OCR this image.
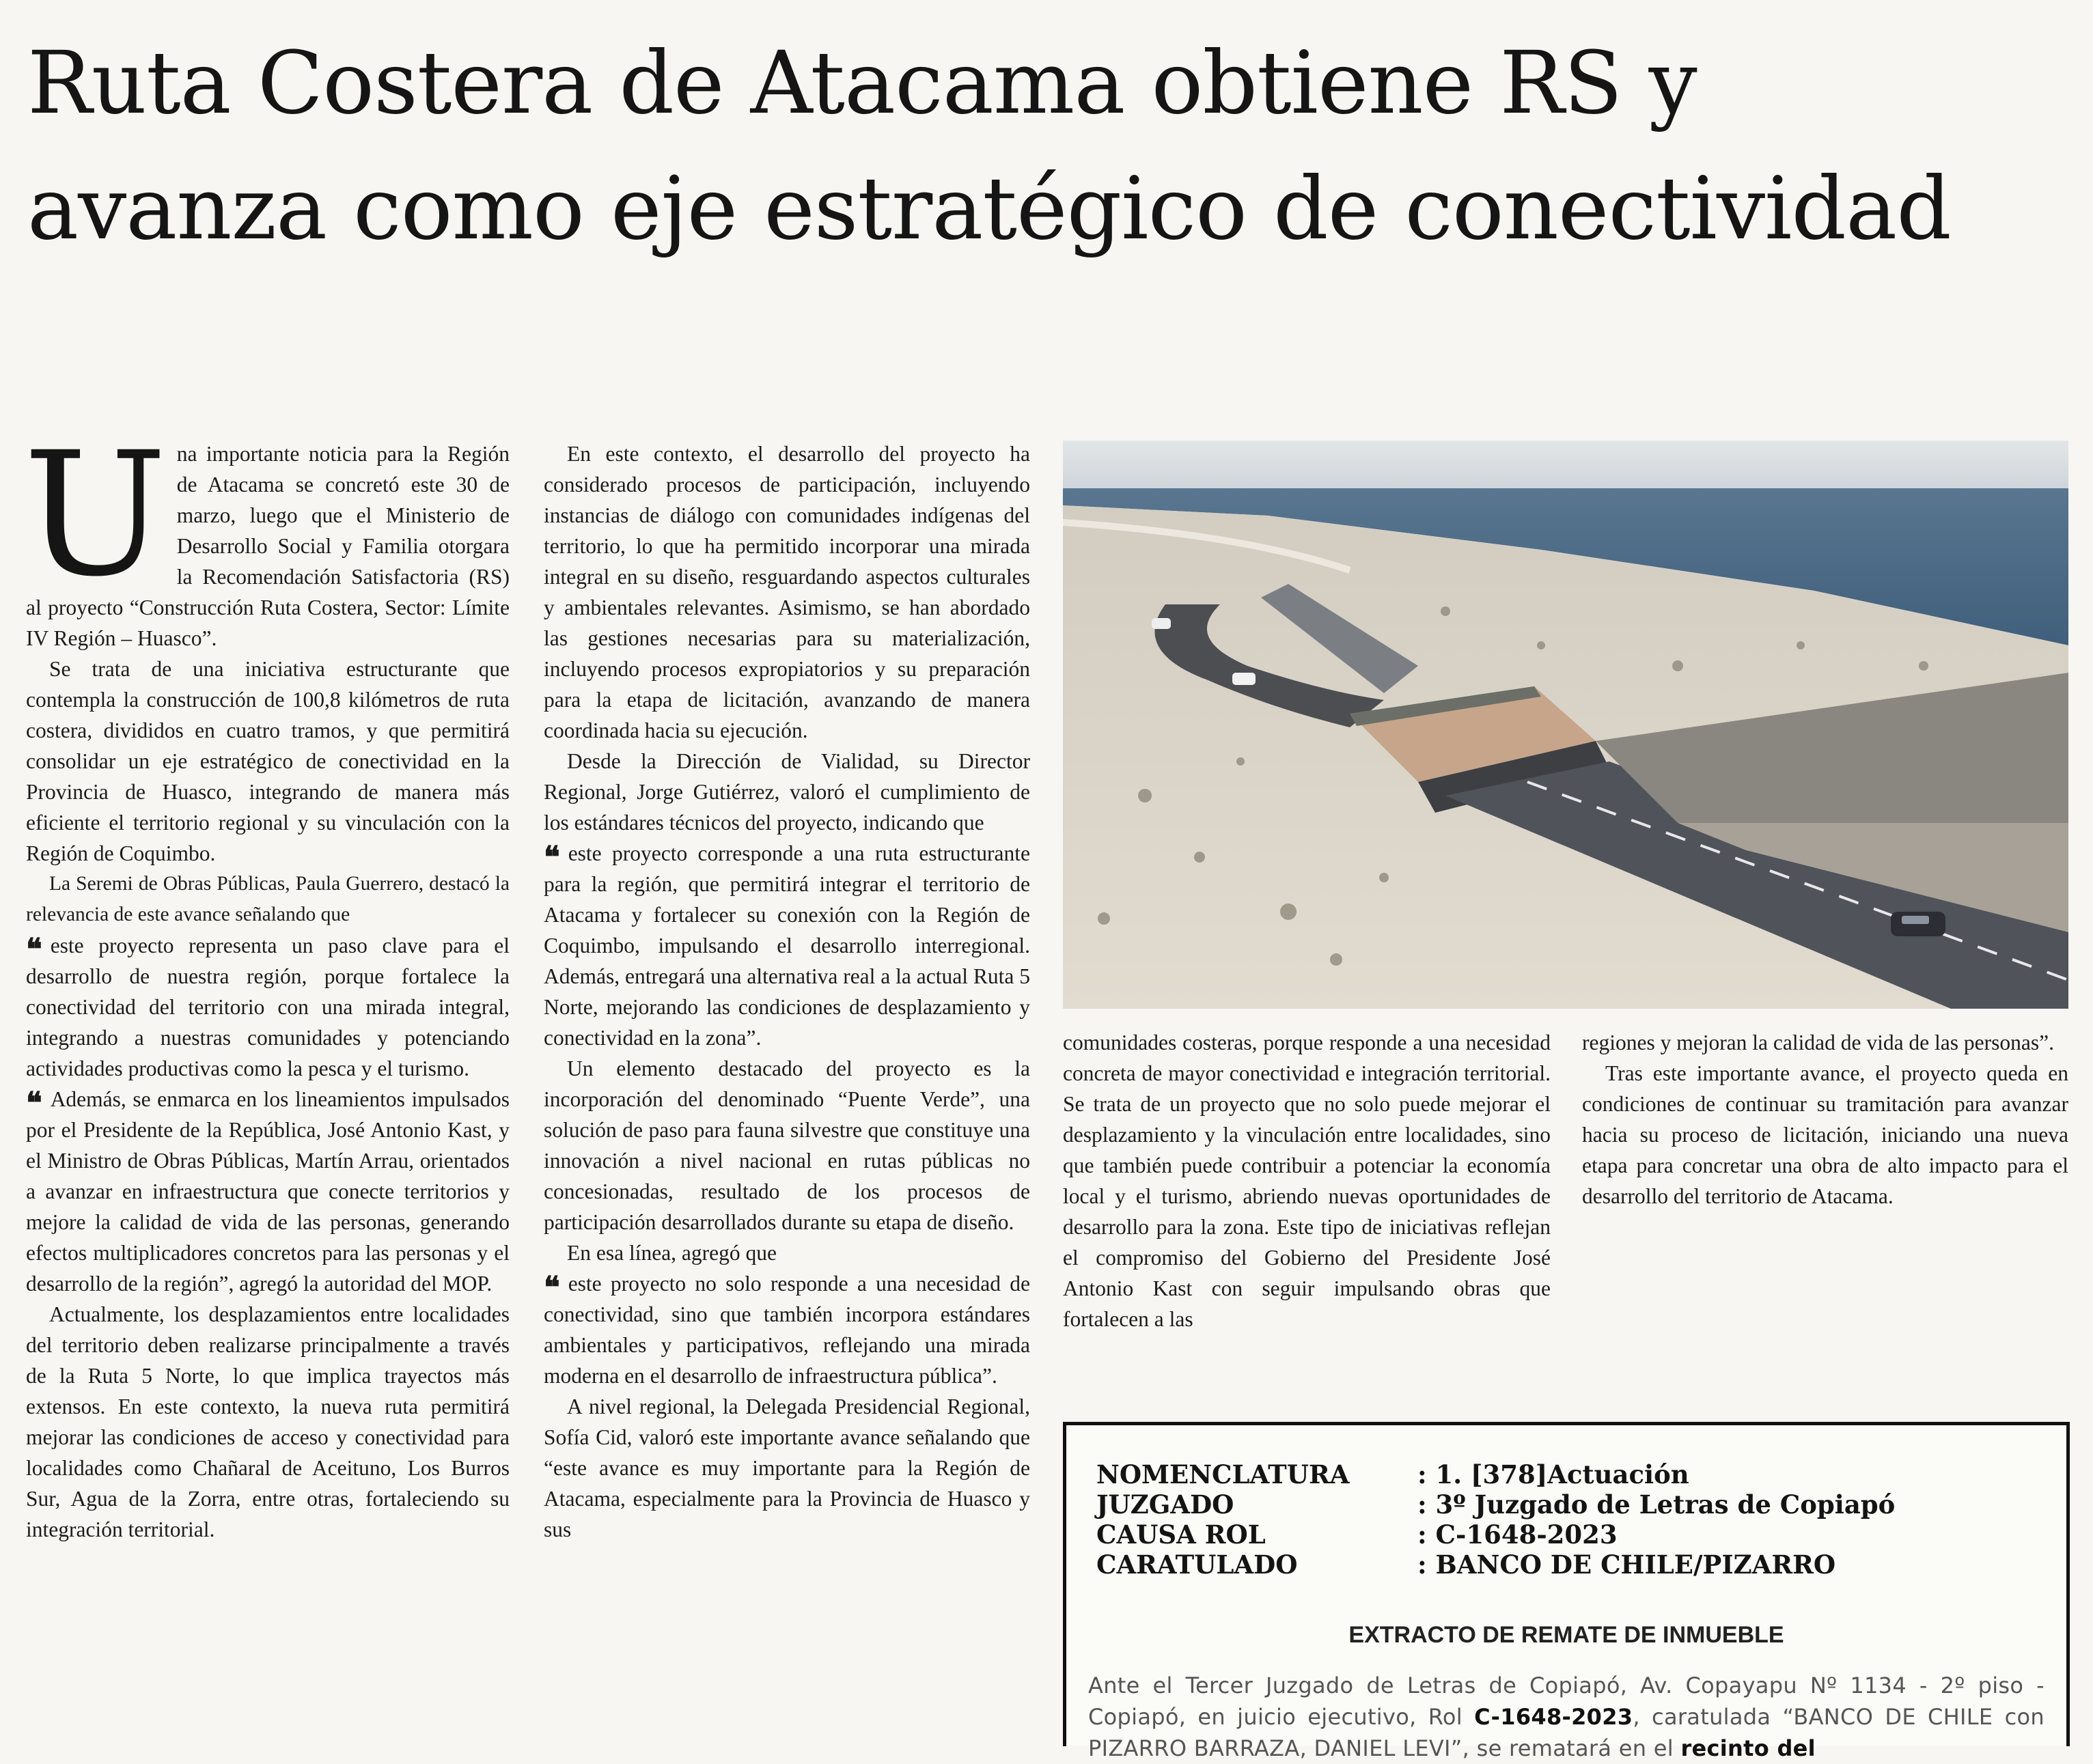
Ruta Costera de Atacama obtiene RS y avanza como eje estratégico de conectividad

Una importante noticia para la Región de Atacama se concretó este 30 de marzo, luego que el Ministerio de Desarrollo Social y Familia otorgara la Recomendación Satisfactoria (RS) al proyecto “Construcción Ruta Costera, Sector: Límite IV Región – Huasco”.

Se trata de una iniciativa estructurante que contempla la construcción de 100,8 kilómetros de ruta costera, divididos en cuatro tramos, y que permitirá consolidar un eje estratégico de conectividad en la Provincia de Huasco, integrando de manera más eficiente el territorio regional y su vinculación con la Región de Coquimbo.

La Seremi de Obras Públicas, Paula Guerrero, destacó la relevancia de este avance señalando que

❝ este proyecto representa un paso clave para el desarrollo de nuestra región, porque fortalece la conectividad del territorio con una mirada integral, integrando a nuestras comunidades y potenciando actividades productivas como la pesca y el turismo.

❝ Además, se enmarca en los lineamientos impulsados por el Presidente de la República, José Antonio Kast, y el Ministro de Obras Públicas, Martín Arrau, orientados a avanzar en infraestructura que conecte territorios y mejore la calidad de vida de las personas, generando efectos multiplicadores concretos para las personas y el desarrollo de la región”, agregó la autoridad del MOP.

Actualmente, los desplazamientos entre localidades del territorio deben realizarse principalmente a través de la Ruta 5 Norte, lo que implica trayectos más extensos. En este contexto, la nueva ruta permitirá mejorar las condiciones de acceso y conectividad para localidades como Chañaral de Aceituno, Los Burros Sur, Agua de la Zorra, entre otras, fortaleciendo su integración territorial.

En este contexto, el desarrollo del proyecto ha considerado procesos de participación, incluyendo instancias de diálogo con comunidades indígenas del territorio, lo que ha permitido incorporar una mirada integral en su diseño, resguardando aspectos culturales y ambientales relevantes. Asimismo, se han abordado las gestiones necesarias para su materialización, incluyendo procesos expropiatorios y su preparación para la etapa de licitación, avanzando de manera coordinada hacia su ejecución.

Desde la Dirección de Vialidad, su Director Regional, Jorge Gutiérrez, valoró el cumplimiento de los estándares técnicos del proyecto, indicando que

❝ este proyecto corresponde a una ruta estructurante para la región, que permitirá integrar el territorio de Atacama y fortalecer su conexión con la Región de Coquimbo, impulsando el desarrollo interregional. Además, entregará una alternativa real a la actual Ruta 5 Norte, mejorando las condiciones de desplazamiento y conectividad en la zona”.

Un elemento destacado del proyecto es la incorporación del denominado “Puente Verde”, una solución de paso para fauna silvestre que constituye una innovación a nivel nacional en rutas públicas no concesionadas, resultado de los procesos de participación desarrollados durante su etapa de diseño.

En esa línea, agregó que

❝ este proyecto no solo responde a una necesidad de conectividad, sino que también incorpora estándares ambientales y participativos, reflejando una mirada moderna en el desarrollo de infraestructura pública”.

A nivel regional, la Delegada Presidencial Regional, Sofía Cid, valoró este importante avance señalando que “este avance es muy importante para la Región de Atacama, especialmente para la Provincia de Huasco y sus

comunidades costeras, porque responde a una necesidad concreta de mayor conectividad e integración territorial. Se trata de un proyecto que no solo puede mejorar el desplazamiento y la vinculación entre localidades, sino que también puede contribuir a potenciar la economía local y el turismo, abriendo nuevas oportunidades de desarrollo para la zona. Este tipo de iniciativas reflejan el compromiso del Gobierno del Presidente José Antonio Kast con seguir impulsando obras que fortalecen a las

regiones y mejoran la calidad de vida de las personas”.

Tras este importante avance, el proyecto queda en condiciones de continuar su tramitación para avanzar hacia su proceso de licitación, iniciando una nueva etapa para concretar una obra de alto impacto para el desarrollo del territorio de Atacama.

NOMENCLATURA	: 1. [378]Actuación
JUZGADO	: 3º Juzgado de Letras de Copiapó
CAUSA ROL	: C-1648-2023
CARATULADO	: BANCO DE CHILE/PIZARRO
EXTRACTO DE REMATE DE INMUEBLE
Ante el Tercer Juzgado de Letras de Copiapó, Av. Copayapu Nº 1134 - 2º piso - Copiapó, en juicio ejecutivo, Rol C-1648-2023, caratulada “BANCO DE CHILE con PIZARRO BARRAZA, DANIEL LEVI”, se rematará en el recinto del
